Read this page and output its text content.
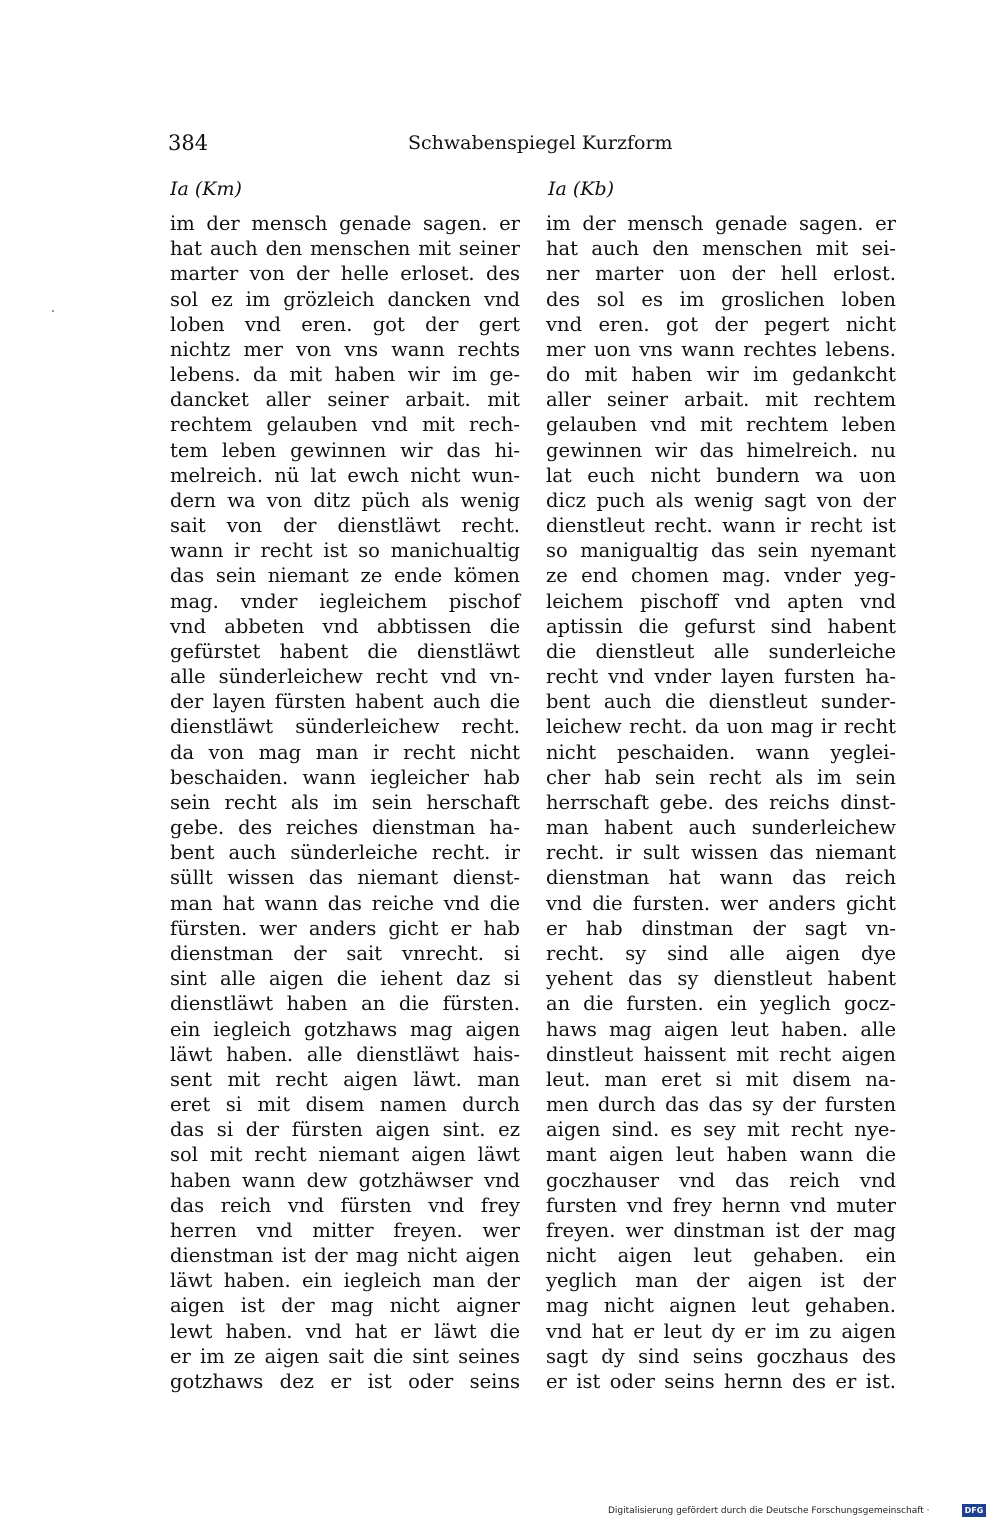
384	Schwabenspiegel Kurzform
Ia (Km)	Ia (Kb)
im der mensch genade sagen. er
hat auch den menschen mit seiner
marter von der helle erloset. des
sol ez im grözleich dancken vnd
loben vnd eren. got der gert
nichtz mer von vns wann rechts
lebens. da mit haben wir im ge-
dancket aller seiner arbait. mit
rechtem gelauben vnd mit rech-
tem leben gewinnen wir das hi-
melreich. nü lat ewch nicht wun-
dern wa von ditz püch als wenig
sait von der dienstläwt recht.
wann ir recht ist so manichualtig
das sein niemant ze ende kömen
mag. vnder iegleichem pischof
vnd abbeten vnd abbtissen die
gefürstet habent die dienstläwt
alle sünderleichew recht vnd vn-
der layen fürsten habent auch die
dienstläwt sünderleichew recht.
da von mag man ir recht nicht
beschaiden. wann iegleicher hab
sein recht als im sein herschaft
gebe. des reiches dienstman ha-
bent auch sünderleiche recht. ir
süllt wissen das niemant dienst-
man hat wann das reiche vnd die
fürsten. wer anders gicht er hab
dienstman der sait vnrecht. si
sint alle aigen die iehent daz si
dienstläwt haben an die fürsten.
ein iegleich gotzhaws mag aigen
läwt haben. alle dienstläwt hais-
sent mit recht aigen läwt. man
eret si mit disem namen durch
das si der fürsten aigen sint. ez
sol mit recht niemant aigen läwt
haben wann dew gotzhäwser vnd
das reich vnd fürsten vnd frey
herren vnd mitter freyen. wer
dienstman ist der mag nicht aigen
läwt haben. ein iegleich man der
aigen ist der mag nicht aigner
lewt haben. vnd hat er läwt die
er im ze aigen sait die sint seines
gotzhaws dez er ist oder seins
im der mensch genade sagen. er
hat auch den menschen mit sei-
ner marter uon der hell erlost.
des sol es im groslichen loben
vnd eren. got der pegert nicht
mer uon vns wann rechtes lebens.
do mit haben wir im gedankcht
aller seiner arbait. mit rechtem
gelauben vnd mit rechtem leben
gewinnen wir das himelreich. nu
lat euch nicht bundern wa uon
dicz puch als wenig sagt von der
dienstleut recht. wann ir recht ist
so manigualtig das sein nyemant
ze end chomen mag. vnder yeg-
leichem pischoff vnd apten vnd
aptissin die gefurst sind habent
die dienstleut alle sunderleiche
recht vnd vnder layen fursten ha-
bent auch die dienstleut sunder-
leichew recht. da uon mag ir recht
nicht peschaiden. wann yeglei-
cher hab sein recht als im sein
herrschaft gebe. des reichs dinst-
man habent auch sunderleichew
recht. ir sult wissen das niemant
dienstman hat wann das reich
vnd die fursten. wer anders gicht
er hab dinstman der sagt vn-
recht. sy sind alle aigen dye
yehent das sy dienstleut habent
an die fursten. ein yeglich gocz-
haws mag aigen leut haben. alle
dinstleut haissent mit recht aigen
leut. man eret si mit disem na-
men durch das das sy der fursten
aigen sind. es sey mit recht nye-
mant aigen leut haben wann die
goczhauser vnd das reich vnd
fursten vnd frey hernn vnd muter
freyen. wer dinstman ist der mag
nicht aigen leut gehaben. ein
yeglich man der aigen ist der
mag nicht aignen leut gehaben.
vnd hat er leut dy er im zu aigen
sagt dy sind seins goczhaus des
er ist oder seins hernn des er ist.
Digitalisierung gefördert durch die Deutsche Forschungsgemeinschaft ·	DFG
